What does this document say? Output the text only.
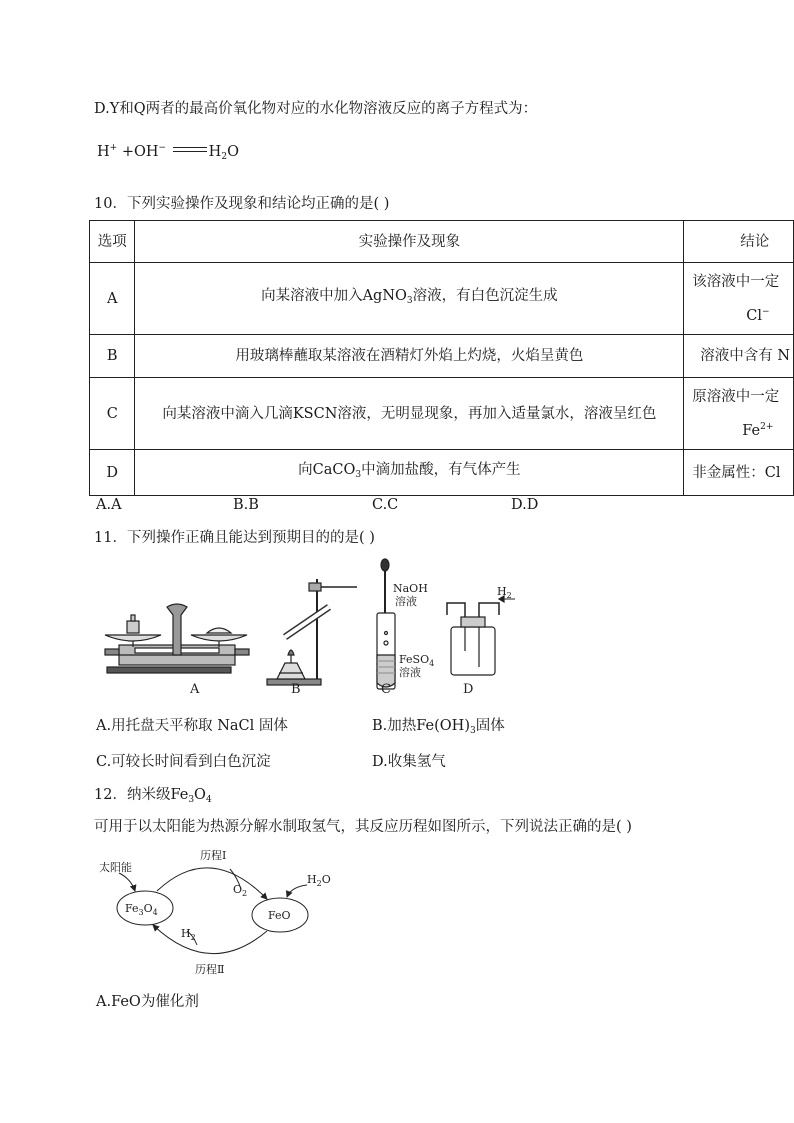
D.Y和Q两者的最高价氧化物对应的水化物溶液反应的离子方程式为：
H+ +OH−	$H_2O$
10．下列实验操作及现象和结论均正确的是( )
选项	实验操作及现象	结论
A	向某溶液中加入AgNO$_3$溶液，有白色沉淀生成	该溶液中一定
Cl−

B	用玻璃棒蘸取某溶液在酒精灯外焰上灼烧，火焰呈黄色	溶液中含有 N
C	向某溶液中滴入几滴KSCN溶液，无明显现象，再加入适量氯水，溶液呈红色	原溶液中一定
$Fe^{2+}$

D	向CaCO$_3$中滴加盐酸，有气体产生	非金属性：Cl
A.A	B.B	C.C	D.D
11．下列操作正确且能达到预期目的的是( )
NaOH
溶液
FeSO$_4$
溶液
$H_2$
A	B	C	D
A.用托盘天平称取 NaCl 固体	B.加热$Fe(OH)_3$固体
C.可较长时间看到白色沉淀	D.收集氢气
12．纳米级$Fe_3O_4$
可用于以太阳能为热源分解水制取氢气，其反应历程如图所示，下列说法正确的是( )
太阳能
历程Ⅰ
$O_2$
$H_2O$
$Fe_3O_4$	FeO
$H_2$
历程Ⅱ
A.FeO为催化剂
